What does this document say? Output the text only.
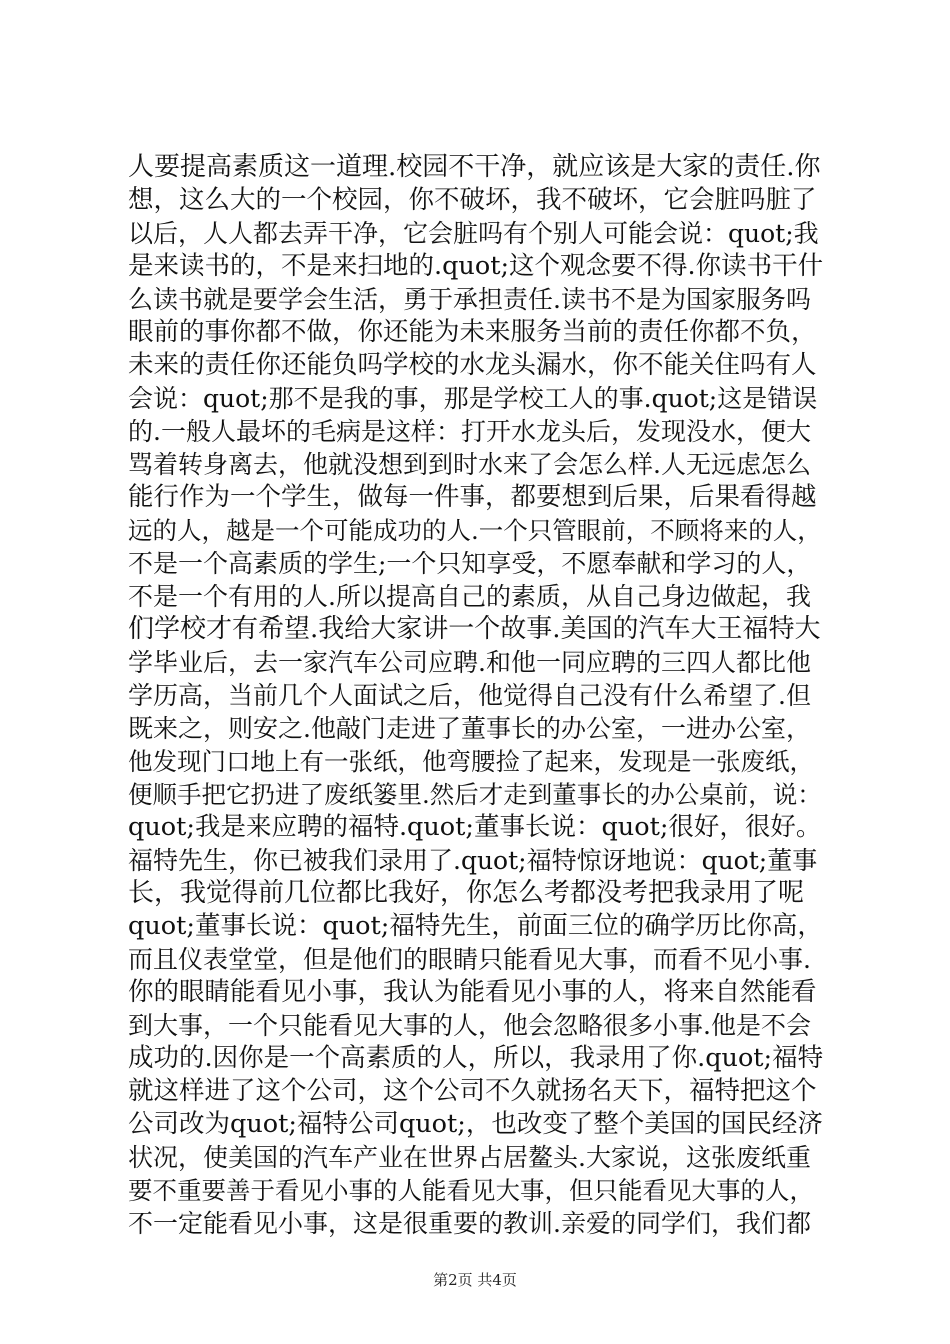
人要提高素质这一道理.校园不干净，就应该是大家的责任.你
想，这么大的一个校园，你不破坏，我不破坏，它会脏吗脏了
以后，人人都去弄干净，它会脏吗有个别人可能会说：quot;我
是来读书的，不是来扫地的.quot;这个观念要不得.你读书干什
么读书就是要学会生活，勇于承担责任.读书不是为国家服务吗
眼前的事你都不做，你还能为未来服务当前的责任你都不负，
未来的责任你还能负吗学校的水龙头漏水，你不能关住吗有人
会说：quot;那不是我的事，那是学校工人的事.quot;这是错误
的.一般人最坏的毛病是这样：打开水龙头后，发现没水，便大
骂着转身离去，他就没想到到时水来了会怎么样.人无远虑怎么
能行作为一个学生，做每一件事，都要想到后果，后果看得越
远的人，越是一个可能成功的人.一个只管眼前，不顾将来的人，
不是一个高素质的学生;一个只知享受，不愿奉献和学习的人，
不是一个有用的人.所以提高自己的素质，从自己身边做起，我
们学校才有希望.我给大家讲一个故事.美国的汽车大王福特大
学毕业后，去一家汽车公司应聘.和他一同应聘的三四人都比他
学历高，当前几个人面试之后，他觉得自己没有什么希望了.但
既来之，则安之.他敲门走进了董事长的办公室，一进办公室，
他发现门口地上有一张纸，他弯腰捡了起来，发现是一张废纸，
便顺手把它扔进了废纸篓里.然后才走到董事长的办公桌前，说：
quot;我是来应聘的福特.quot;董事长说：quot;很好，很好。
福特先生，你已被我们录用了.quot;福特惊讶地说：quot;董事
长，我觉得前几位都比我好，你怎么考都没考把我录用了呢
quot;董事长说：quot;福特先生，前面三位的确学历比你高，
而且仪表堂堂，但是他们的眼睛只能看见大事，而看不见小事.
你的眼睛能看见小事，我认为能看见小事的人，将来自然能看
到大事，一个只能看见大事的人，他会忽略很多小事.他是不会
成功的.因你是一个高素质的人，所以，我录用了你.quot;福特
就这样进了这个公司，这个公司不久就扬名天下，福特把这个
公司改为quot;福特公司quot;，也改变了整个美国的国民经济
状况，使美国的汽车产业在世界占居鳌头.大家说，这张废纸重
要不重要善于看见小事的人能看见大事，但只能看见大事的人，
不一定能看见小事，这是很重要的教训.亲爱的同学们，我们都
第2页 共4页
